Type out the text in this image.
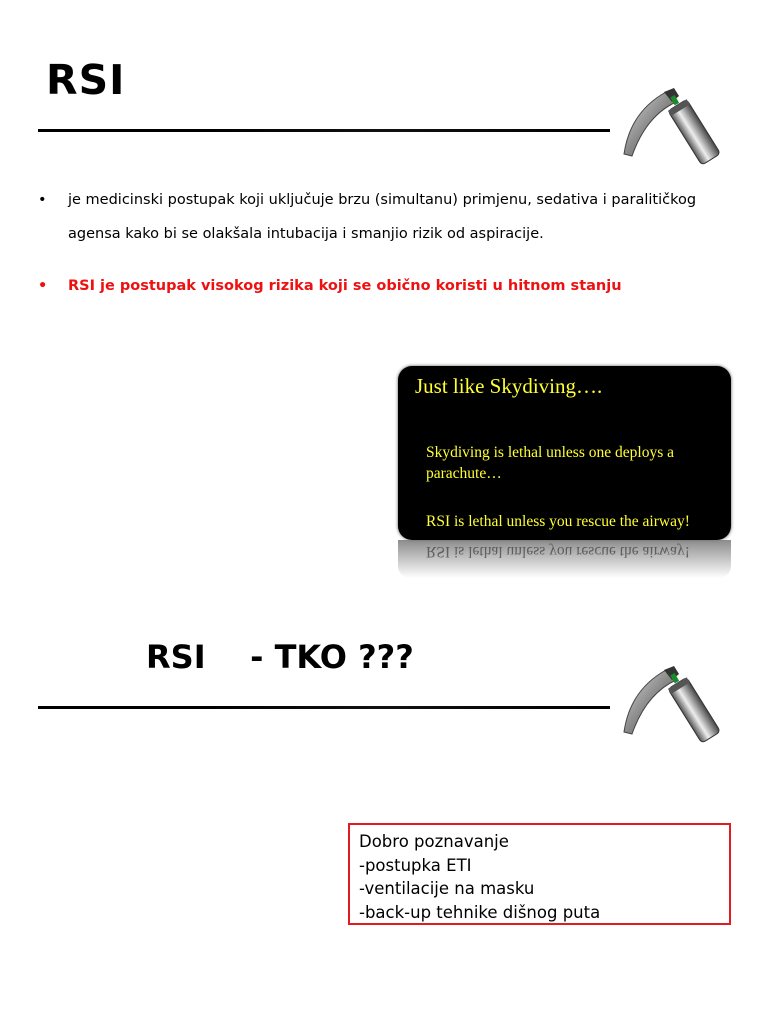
RSI
• je medicinski postupak koji uključuje brzu (simultanu) primjenu, sedativa i paralitičkog agensa kako bi se olakšala intubacija i smanjio rizik od aspiracije.
• RSI je postupak visokog rizika koji se obično koristi u hitnom stanju
Just like Skydiving….
Skydiving is lethal unless one deploys a parachute…
RSI is lethal unless you rescue the airway!
RSI is lethal unless you rescue the airway!
RSI    - TKO ???
Dobro poznavanje
-postupka ETI
-ventilacije na masku
-back-up tehnike dišnog puta
